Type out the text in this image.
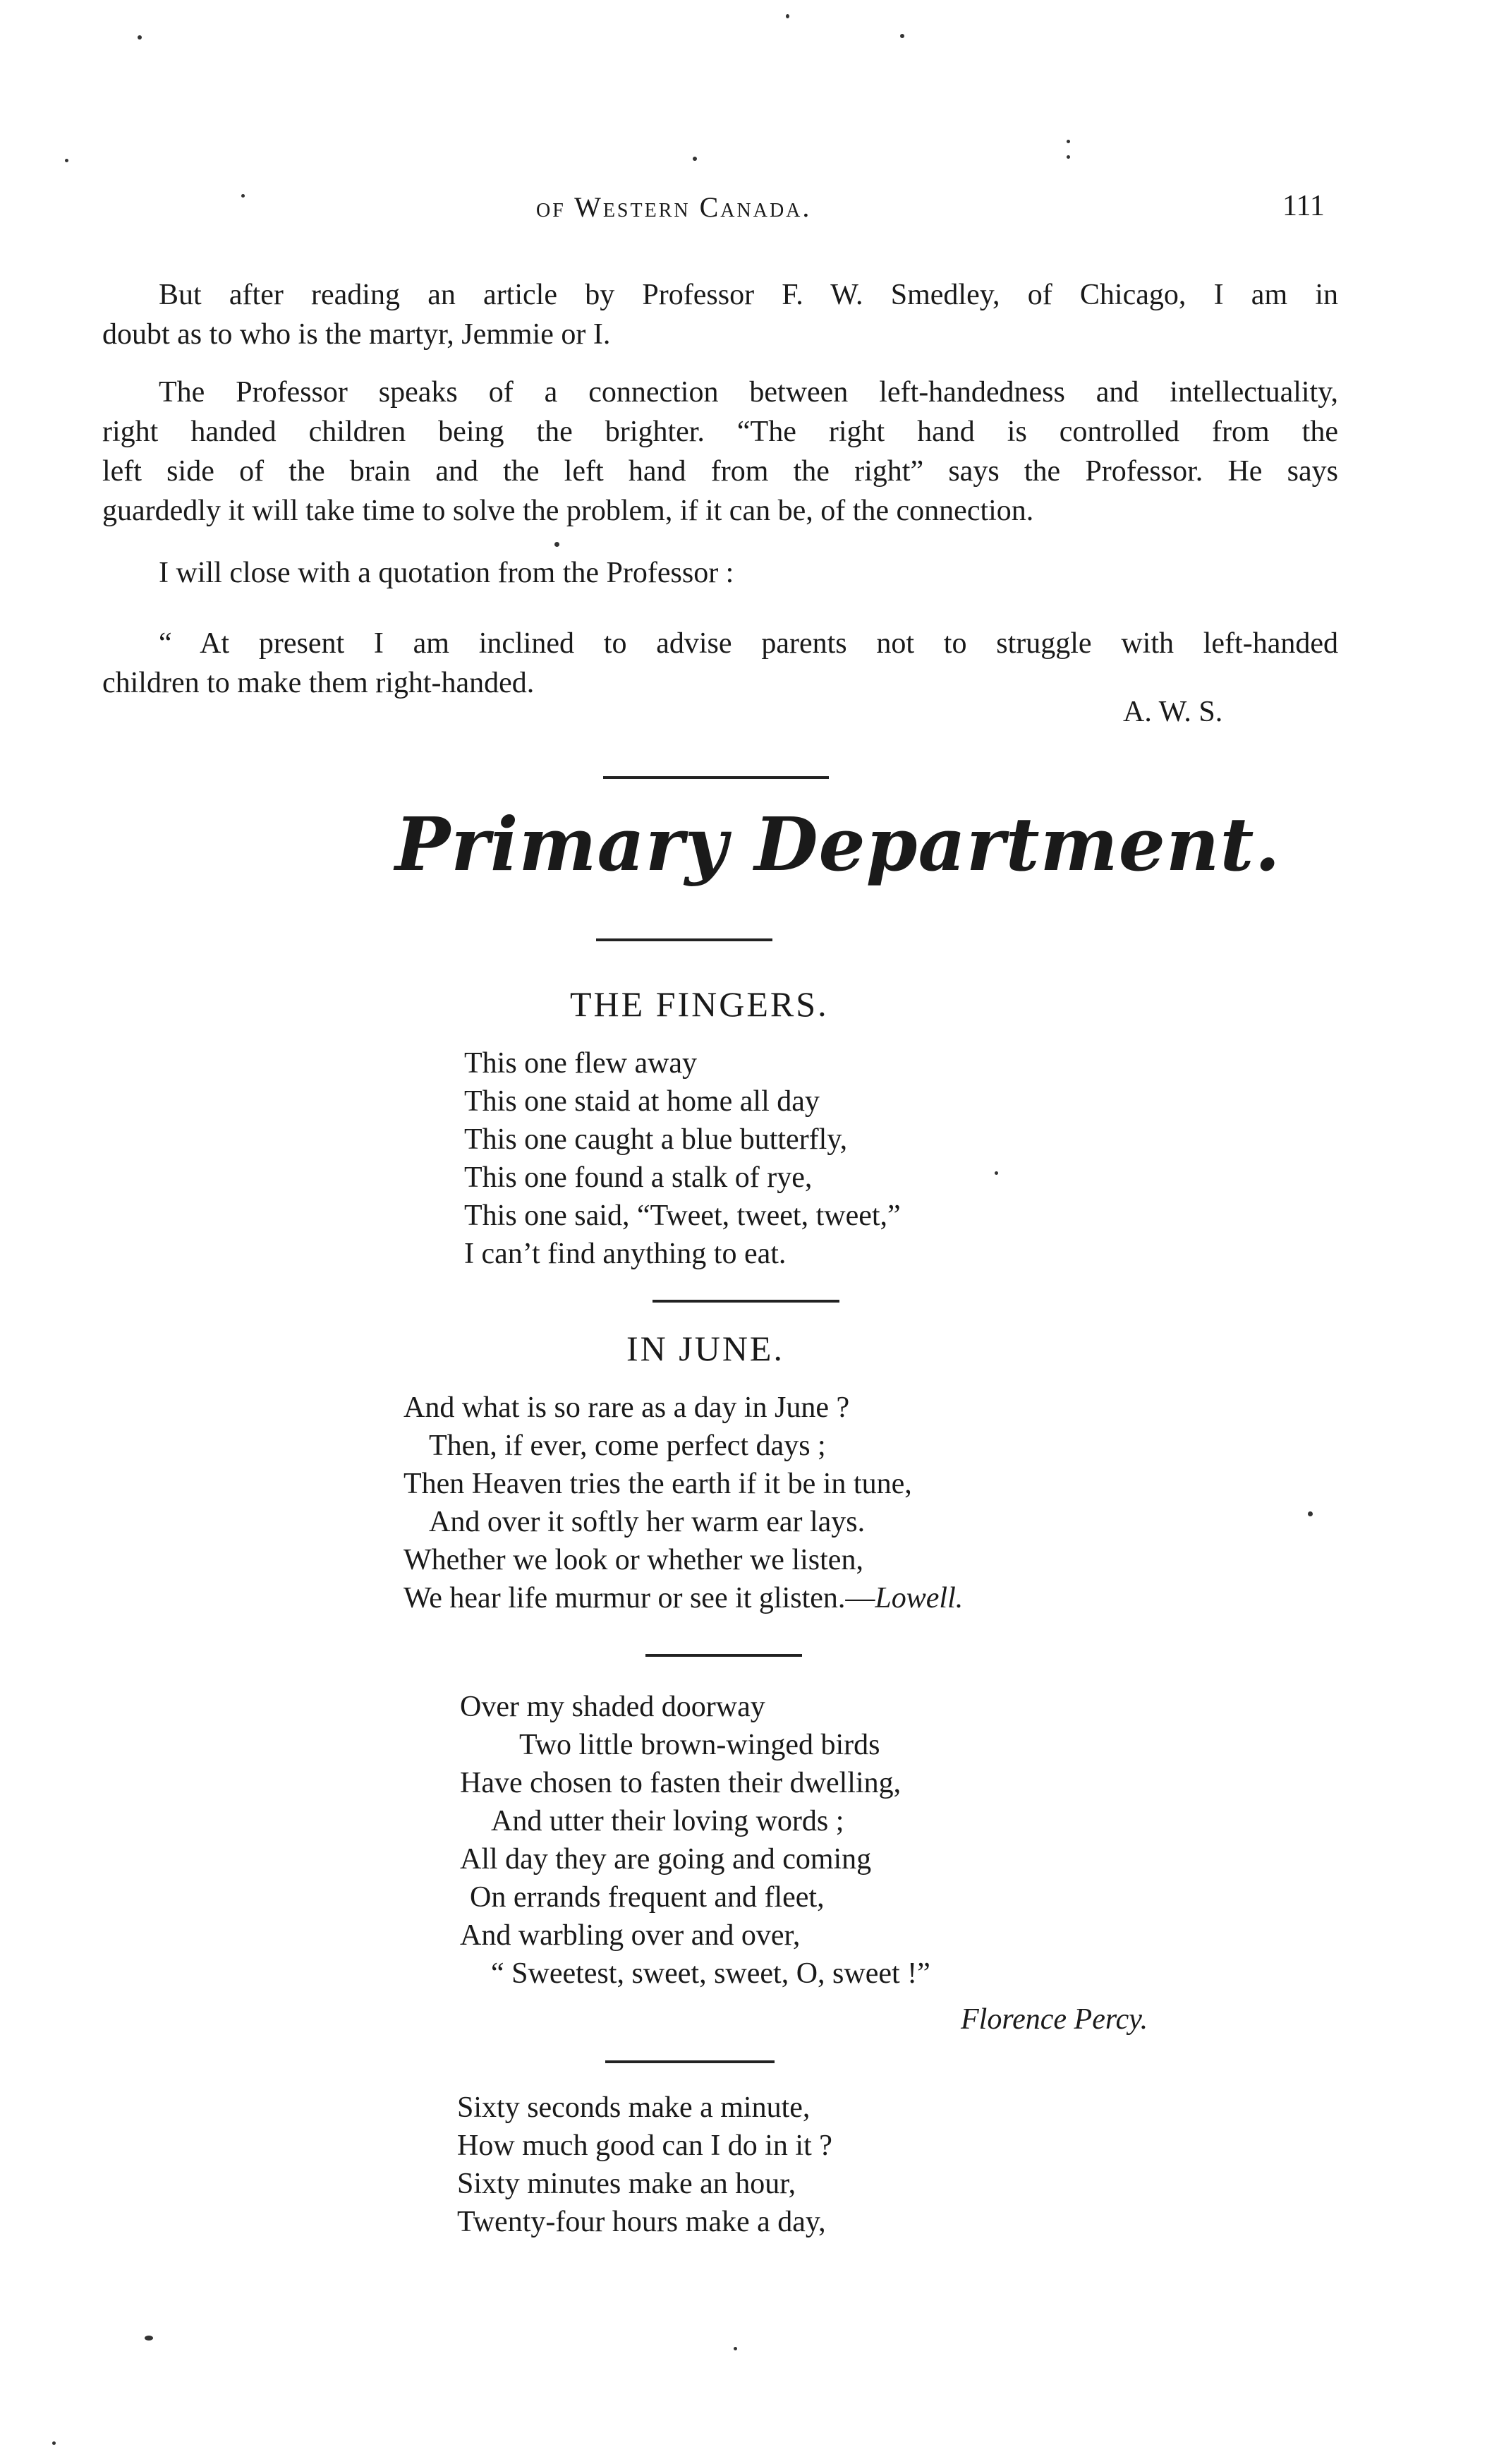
of Western Canada.	111
But after reading an article by Professor F. W. Smedley, of Chicago, I am in
doubt as to who is the martyr, Jemmie or I.
The Professor speaks of a connection between left-handedness and intellectuality,
right handed children being the brighter. “The right hand is controlled from the
left side of the brain and the left hand from the right” says the Professor. He says
guardedly it will take time to solve the problem, if it can be, of the connection.
I will close with a quotation from the Professor :
“ At present I am inclined to advise parents not to struggle with left-handed
children to make them right-handed.
A. W. S.
Primary Department.
THE FINGERS.
This one flew away
This one staid at home all day
This one caught a blue butterfly,
This one found a stalk of rye,
This one said, “Tweet, tweet, tweet,”
I can’t find anything to eat.
IN JUNE.
And what is so rare as a day in June ?
Then, if ever, come perfect days ;
Then Heaven tries the earth if it be in tune,
And over it softly her warm ear lays.
Whether we look or whether we listen,
We hear life murmur or see it glisten.—Lowell.
Over my shaded doorway
Two little brown-winged birds
Have chosen to fasten their dwelling,
And utter their loving words ;
All day they are going and coming
On errands frequent and fleet,
And warbling over and over,
“ Sweetest, sweet, sweet, O, sweet !”
Florence Percy.
Sixty seconds make a minute,
How much good can I do in it ?
Sixty minutes make an hour,
Twenty-four hours make a day,
